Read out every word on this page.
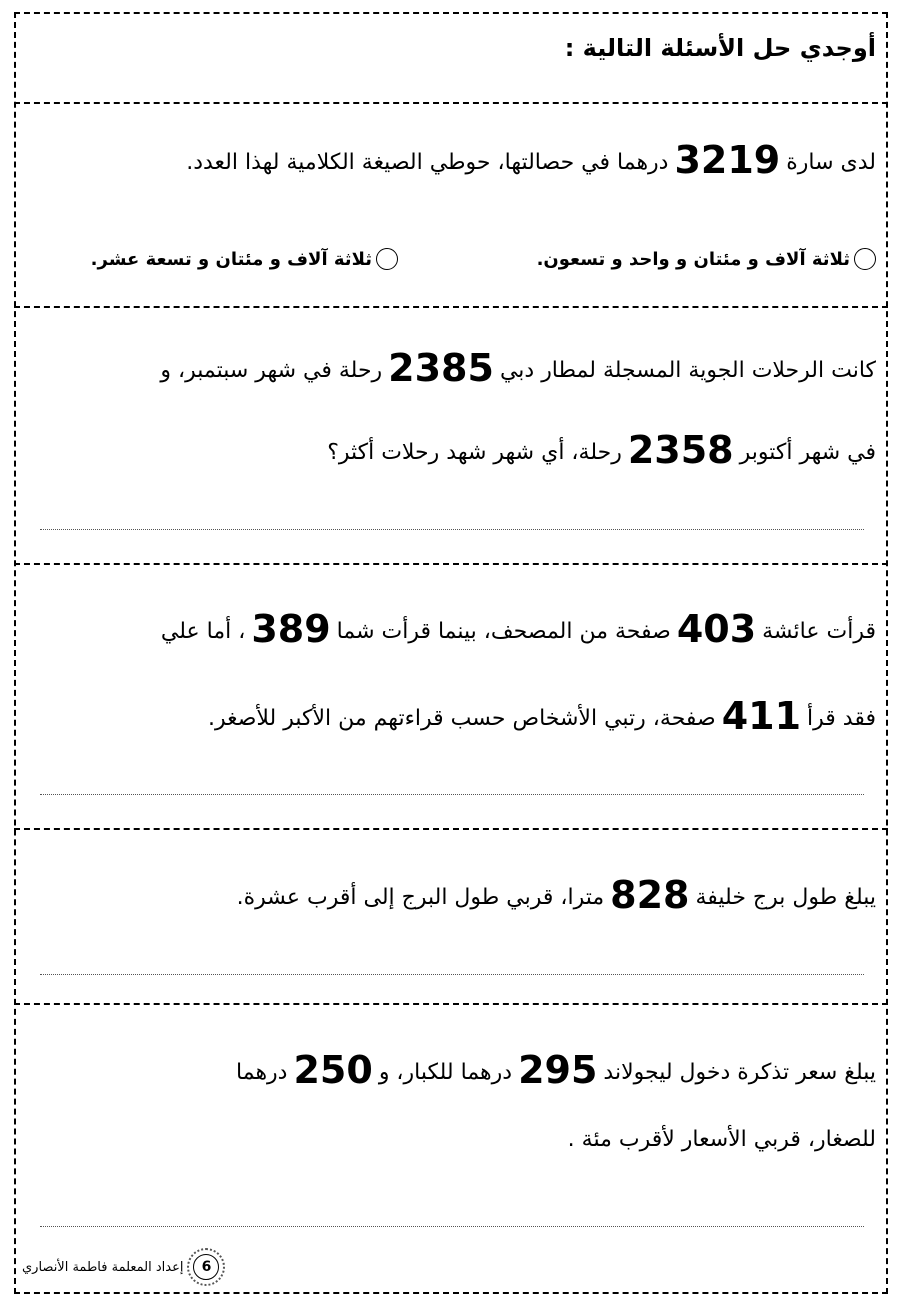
أوجدي حل الأسئلة التالية :
لدى سارة3219درهما في حصالتها، حوطي الصيغة الكلامية لهذا العدد.
ثلاثة آلاف و مئتان و واحد و تسعون.
ثلاثة آلاف و مئتان و تسعة عشر.
كانت الرحلات الجوية المسجلة لمطار دبي2385رحلة في شهر سبتمبر، و
في شهر أكتوبر2358رحلة، أي شهر شهد رحلات أكثر؟
قرأت عائشة403صفحة من المصحف، بينما قرأت شما389، أما علي
فقد قرأ411صفحة، رتبي الأشخاص حسب قراءتهم من الأكبر للأصغر.
يبلغ طول برج خليفة828مترا، قربي طول البرج إلى أقرب عشرة.
يبلغ سعر تذكرة دخول ليجولاند295درهما للكبار، و250درهما
للصغار، قربي الأسعار لأقرب مئة .
6
إعداد المعلمة فاطمة الأنصاري
